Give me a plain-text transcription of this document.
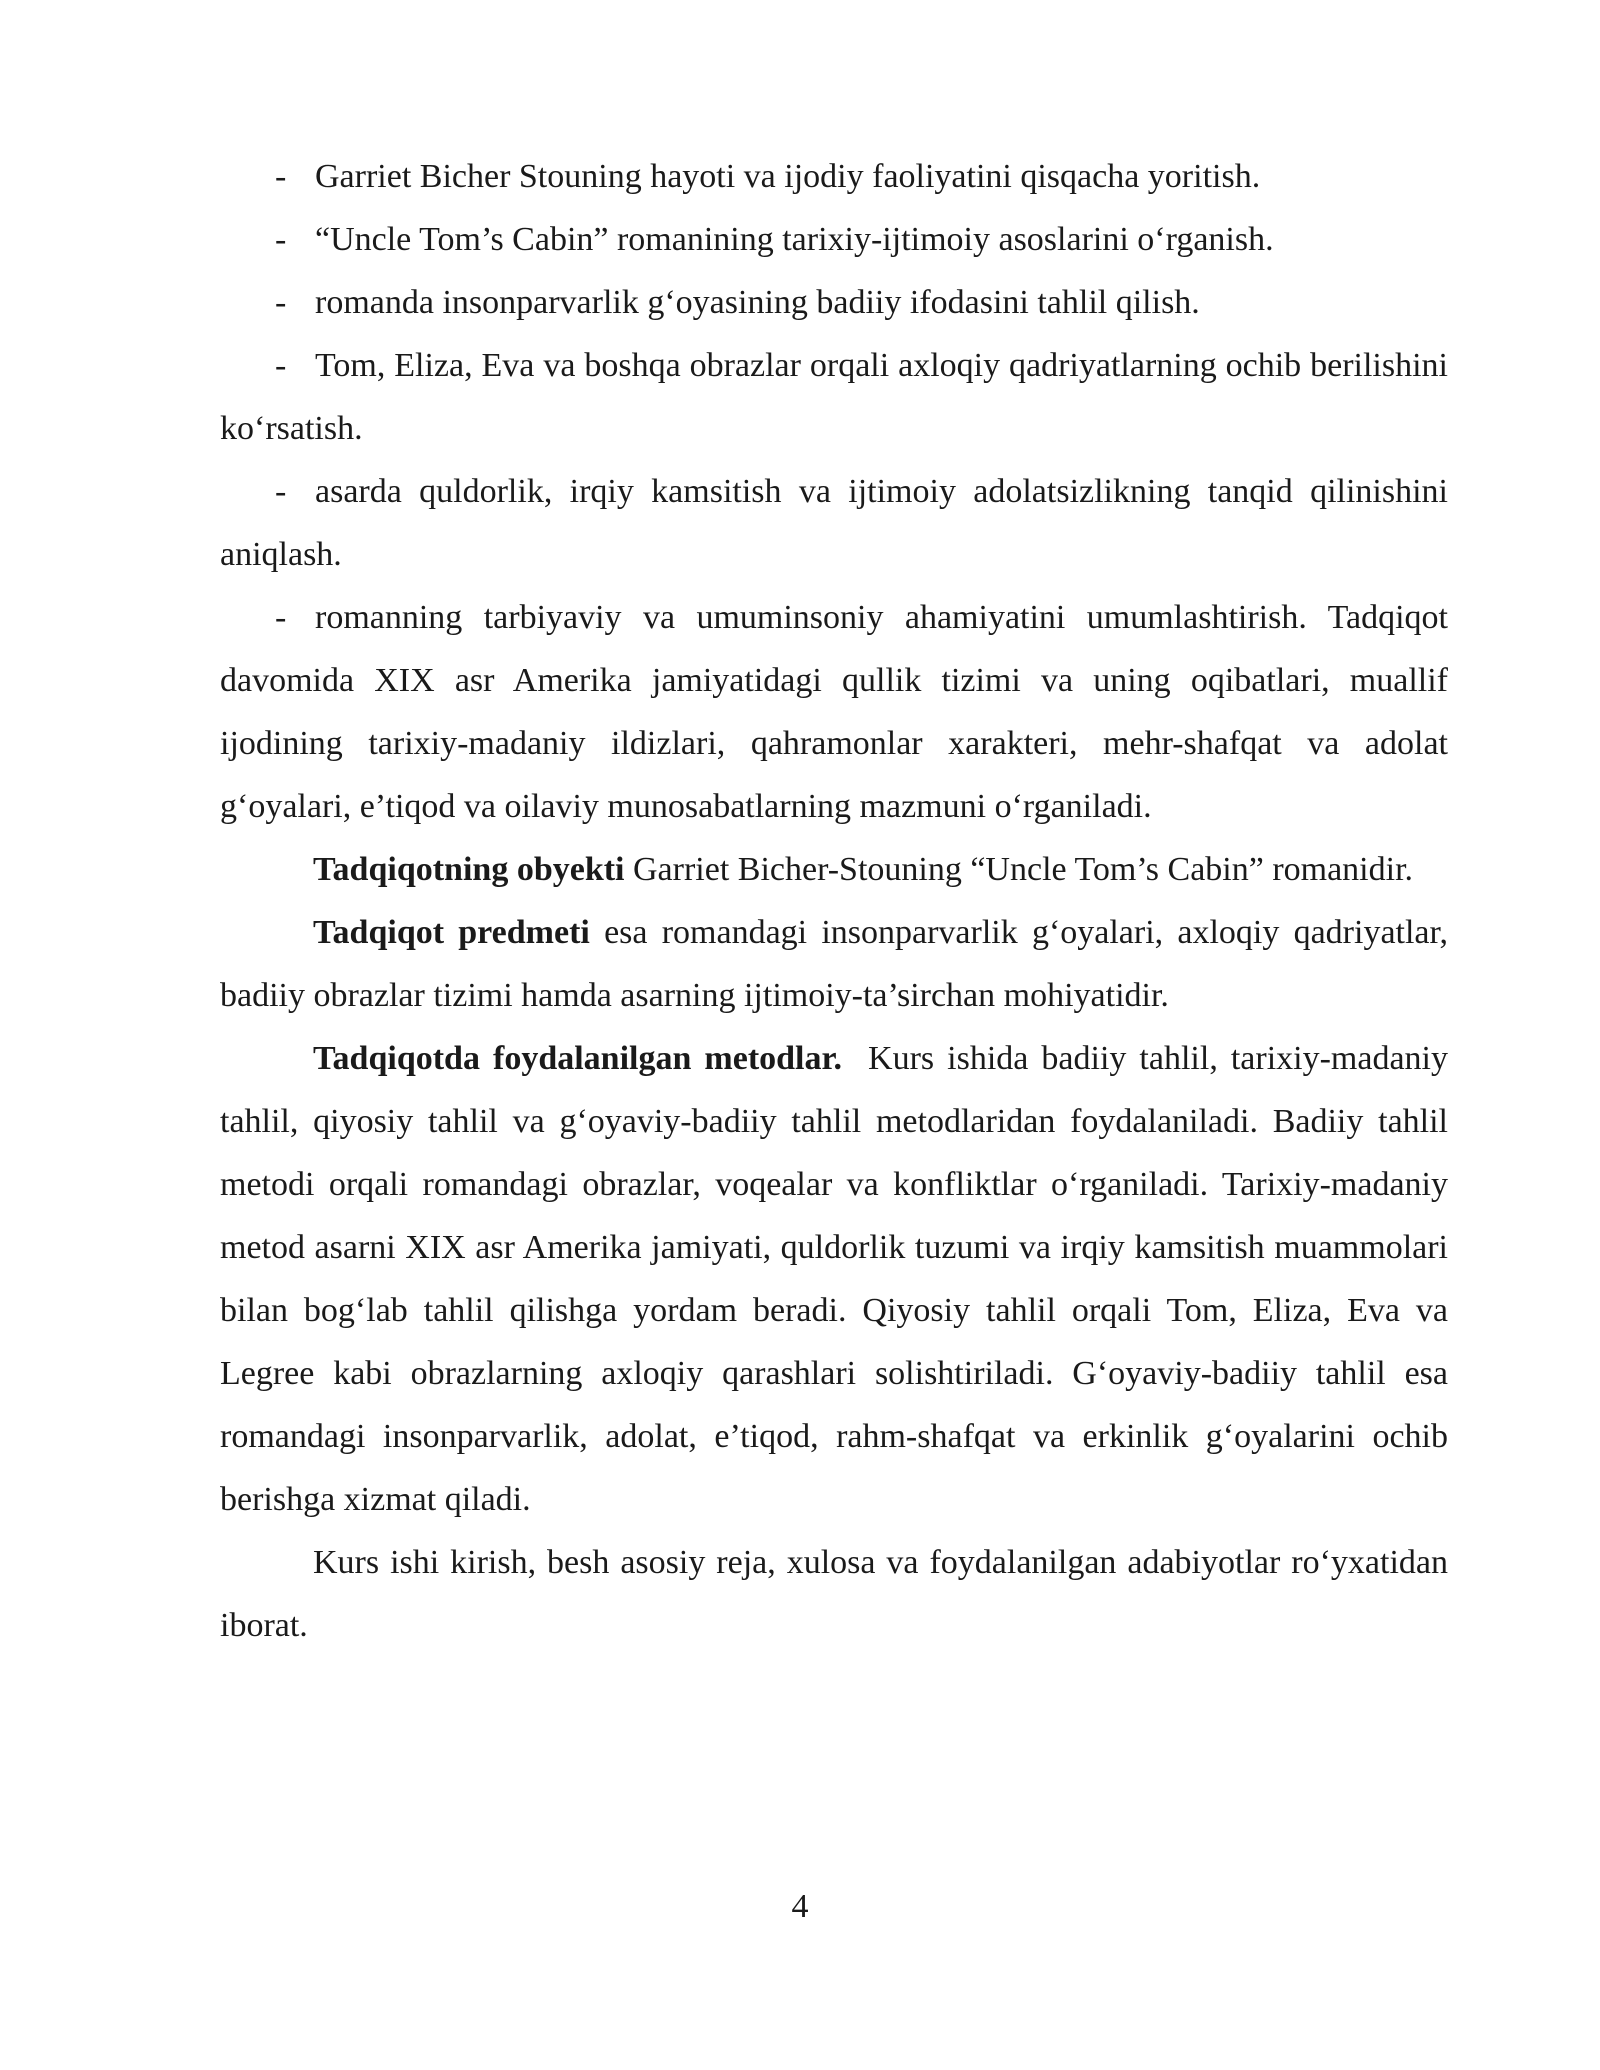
- Garriet Bicher Stouning hayoti va ijodiy faoliyatini qisqacha yoritish.

- “Uncle Tom’s Cabin” romanining tarixiy-ijtimoiy asoslarini oʻrganish.

- romanda insonparvarlik gʻoyasining badiiy ifodasini tahlil qilish.

- Tom, Eliza, Eva va boshqa obrazlar orqali axloqiy qadriyatlarning ochib berilishini koʻrsatish.

- asarda quldorlik, irqiy kamsitish va ijtimoiy adolatsizlikning tanqid qilinishini aniqlash.

- romanning tarbiyaviy va umuminsoniy ahamiyatini umumlashtirish. Tadqiqot davomida XIX asr Amerika jamiyatidagi qullik tizimi va uning oqibatlari, muallif ijodining tarixiy-madaniy ildizlari, qahramonlar xarakteri, mehr-shafqat va adolat gʻoyalari, e’tiqod va oilaviy munosabatlarning mazmuni oʻrganiladi.

Tadqiqotning obyekti Garriet Bicher-Stouning “Uncle Tom’s Cabin” romanidir.

Tadqiqot predmeti esa romandagi insonparvarlik gʻoyalari, axloqiy qadriyatlar, badiiy obrazlar tizimi hamda asarning ijtimoiy-ta’sirchan mohiyatidir.

Tadqiqotda foydalanilgan metodlar.  Kurs ishida badiiy tahlil, tarixiy-madaniy tahlil, qiyosiy tahlil va gʻoyaviy-badiiy tahlil metodlaridan foydalaniladi. Badiiy tahlil metodi orqali romandagi obrazlar, voqealar va konfliktlar oʻrganiladi. Tarixiy-madaniy metod asarni XIX asr Amerika jamiyati, quldorlik tuzumi va irqiy kamsitish muammolari bilan bogʻlab tahlil qilishga yordam beradi. Qiyosiy tahlil orqali Tom, Eliza, Eva va Legree kabi obrazlarning axloqiy qarashlari solishtiriladi. Gʻoyaviy-badiiy tahlil esa romandagi insonparvarlik, adolat, e’tiqod, rahm-shafqat va erkinlik gʻoyalarini ochib berishga xizmat qiladi.

Kurs ishi kirish, besh asosiy reja, xulosa va foydalanilgan adabiyotlar roʻyxatidan iborat.

4
